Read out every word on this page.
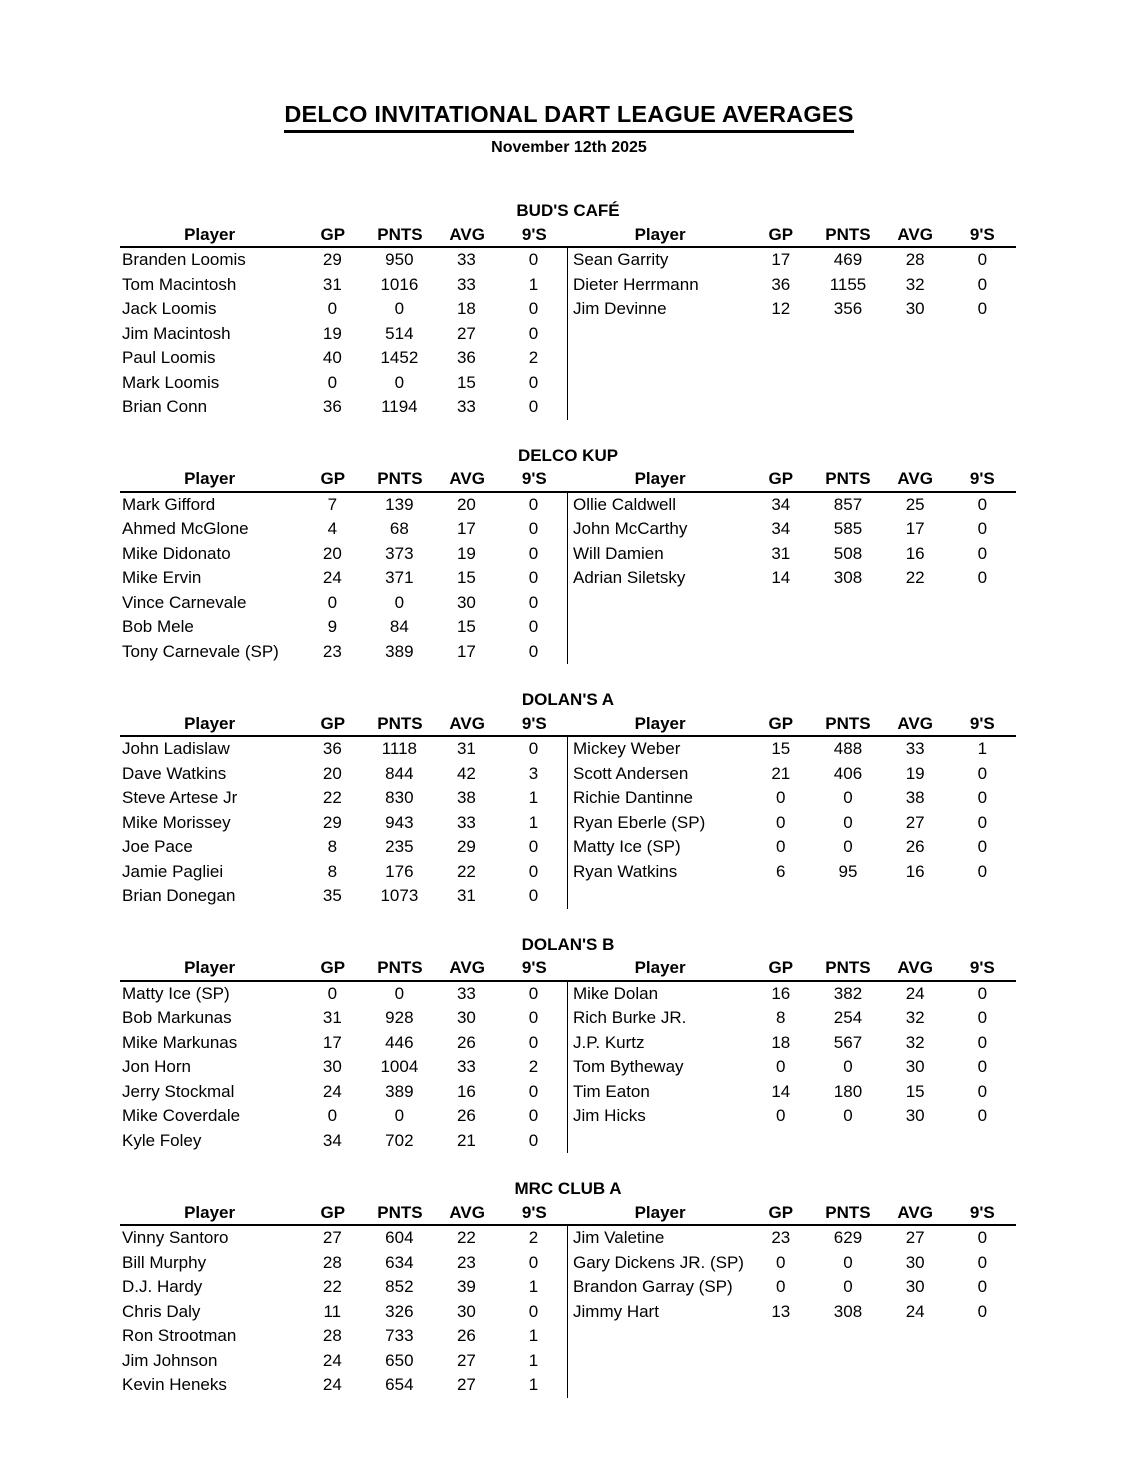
DELCO INVITATIONAL DART LEAGUE AVERAGES
November 12th 2025
BUD'S CAFÉ
Player	GP	PNTS	AVG	9'S
Branden Loomis	29	950	33	0
Tom Macintosh	31	1016	33	1
Jack Loomis	0	0	18	0
Jim Macintosh	19	514	27	0
Paul Loomis	40	1452	36	2
Mark Loomis	0	0	15	0
Brian Conn	36	1194	33	0
Player	GP	PNTS	AVG	9'S
Sean Garrity	17	469	28	0
Dieter Herrmann	36	1155	32	0
Jim Devinne	12	356	30	0
DELCO KUP
Player	GP	PNTS	AVG	9'S
Mark Gifford	7	139	20	0
Ahmed McGlone	4	68	17	0
Mike Didonato	20	373	19	0
Mike Ervin	24	371	15	0
Vince Carnevale	0	0	30	0
Bob Mele	9	84	15	0
Tony Carnevale (SP)	23	389	17	0
Player	GP	PNTS	AVG	9'S
Ollie Caldwell	34	857	25	0
John McCarthy	34	585	17	0
Will Damien	31	508	16	0
Adrian Siletsky	14	308	22	0
DOLAN'S A
Player	GP	PNTS	AVG	9'S
John Ladislaw	36	1118	31	0
Dave Watkins	20	844	42	3
Steve Artese Jr	22	830	38	1
Mike Morissey	29	943	33	1
Joe Pace	8	235	29	0
Jamie Pagliei	8	176	22	0
Brian Donegan	35	1073	31	0
Player	GP	PNTS	AVG	9'S
Mickey Weber	15	488	33	1
Scott Andersen	21	406	19	0
Richie Dantinne	0	0	38	0
Ryan Eberle (SP)	0	0	27	0
Matty Ice (SP)	0	0	26	0
Ryan Watkins	6	95	16	0
DOLAN'S B
Player	GP	PNTS	AVG	9'S
Matty Ice (SP)	0	0	33	0
Bob Markunas	31	928	30	0
Mike Markunas	17	446	26	0
Jon Horn	30	1004	33	2
Jerry Stockmal	24	389	16	0
Mike Coverdale	0	0	26	0
Kyle Foley	34	702	21	0
Player	GP	PNTS	AVG	9'S
Mike Dolan	16	382	24	0
Rich Burke JR.	8	254	32	0
J.P. Kurtz	18	567	32	0
Tom Bytheway	0	0	30	0
Tim Eaton	14	180	15	0
Jim Hicks	0	0	30	0
MRC CLUB A
Player	GP	PNTS	AVG	9'S
Vinny Santoro	27	604	22	2
Bill Murphy	28	634	23	0
D.J. Hardy	22	852	39	1
Chris Daly	11	326	30	0
Ron Strootman	28	733	26	1
Jim Johnson	24	650	27	1
Kevin Heneks	24	654	27	1
Player	GP	PNTS	AVG	9'S
Jim Valetine	23	629	27	0
Gary Dickens JR. (SP)	0	0	30	0
Brandon Garray (SP)	0	0	30	0
Jimmy Hart	13	308	24	0
